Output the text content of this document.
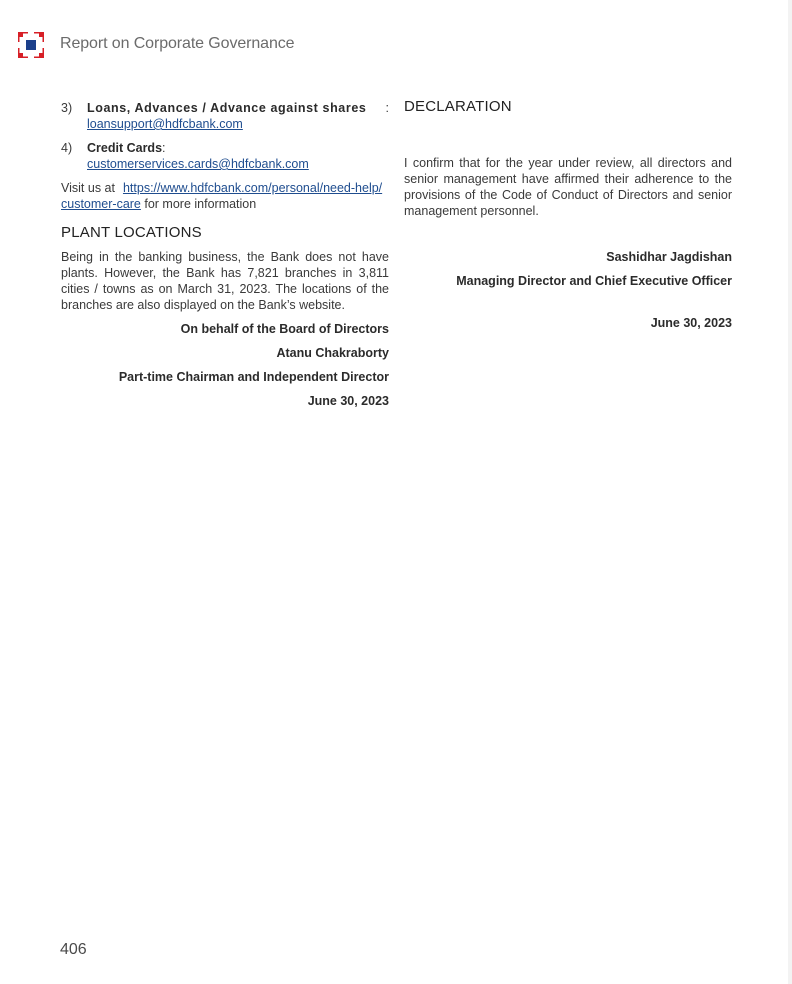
Report on Corporate Governance
3)	Loans, Advances / Advance against shares :
loansupport@hdfcbank.com
4)	Credit Cards:  customerservices.cards@hdfcbank.com
Visit us at https://www.hdfcbank.com/personal/need-help/
customer-care for more information
PLANT LOCATIONS

Being in the banking business, the Bank does not have plants. However, the Bank has 7,821 branches in 3,811 cities / towns as on March 31, 2023. The locations of the branches are also displayed on the Bank’s website.

On behalf of the Board of Directors

Atanu Chakraborty

Part-time Chairman and Independent Director

June 30, 2023

DECLARATION

I confirm that for the year under review, all directors and senior management have affirmed their adherence to the provisions of the Code of Conduct of Directors and senior management personnel.

Sashidhar Jagdishan

Managing Director and Chief Executive Officer

June 30, 2023

406
